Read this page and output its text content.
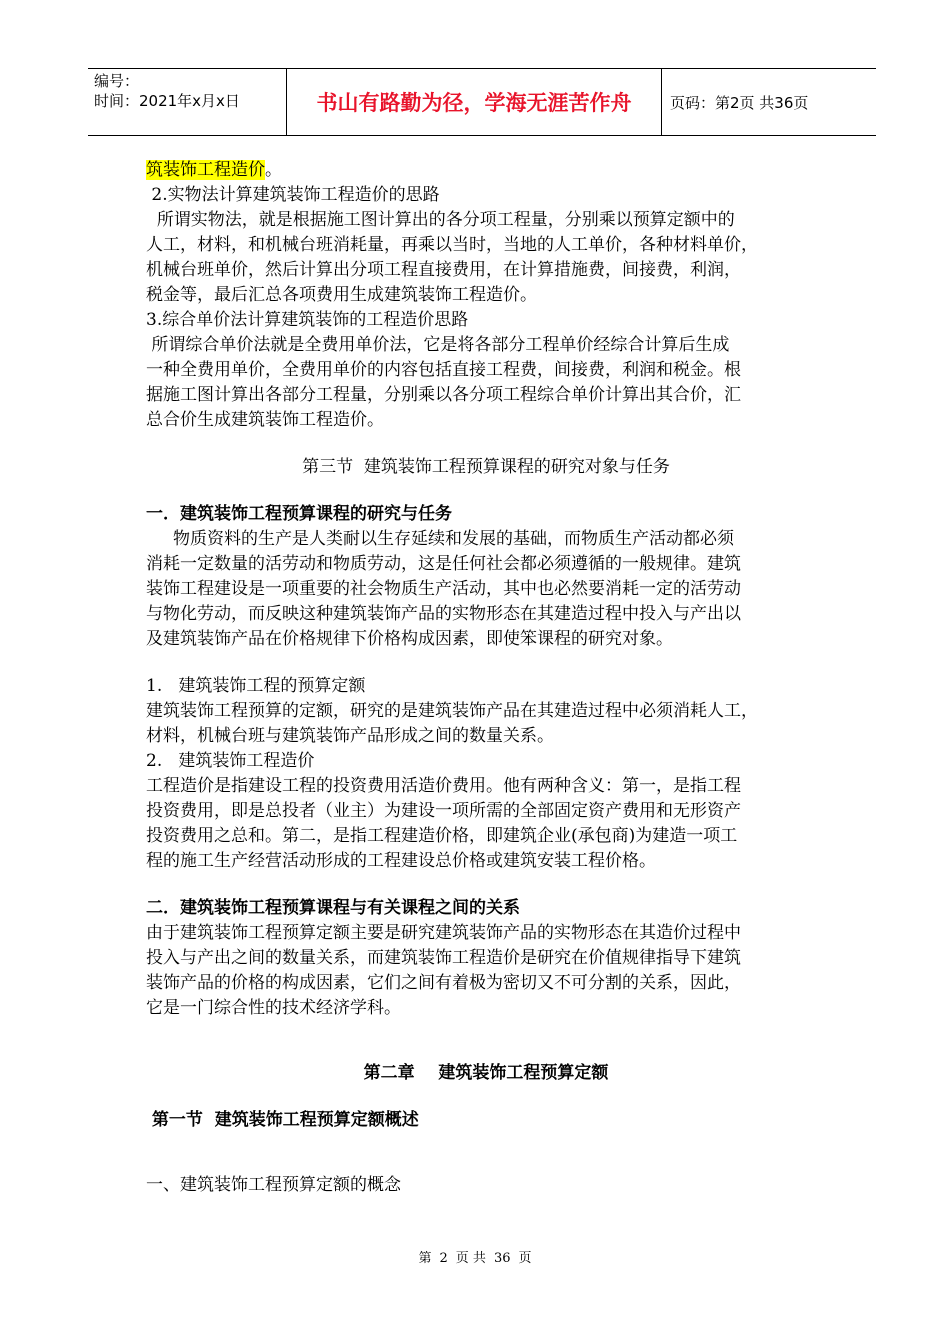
编号：
时间：2021年x月x日	书山有路勤为径，学海无涯苦作舟	页码：第2页 共36页

筑装饰工程造价。

2.实物法计算建筑装饰工程造价的思路

所谓实物法，就是根据施工图计算出的各分项工程量，分别乘以预算定额中的

人工，材料，和机械台班消耗量，再乘以当时，当地的人工单价，各种材料单价，

机械台班单价，然后计算出分项工程直接费用，在计算措施费，间接费，利润，

税金等，最后汇总各项费用生成建筑装饰工程造价。

3.综合单价法计算建筑装饰的工程造价思路

所谓综合单价法就是全费用单价法，它是将各部分工程单价经综合计算后生成

一种全费用单价，全费用单价的内容包括直接工程费，间接费，利润和税金。根

据施工图计算出各部分工程量，分别乘以各分项工程综合单价计算出其合价，汇

总合价生成建筑装饰工程造价。

第三节  建筑装饰工程预算课程的研究对象与任务

一．建筑装饰工程预算课程的研究与任务

物质资料的生产是人类耐以生存延续和发展的基础，而物质生产活动都必须

消耗一定数量的活劳动和物质劳动，这是任何社会都必须遵循的一般规律。建筑

装饰工程建设是一项重要的社会物质生产活动，其中也必然要消耗一定的活劳动

与物化劳动，而反映这种建筑装饰产品的实物形态在其建造过程中投入与产出以

及建筑装饰产品在价格规律下价格构成因素，即使笨课程的研究对象。

1.   建筑装饰工程的预算定额

建筑装饰工程预算的定额，研究的是建筑装饰产品在其建造过程中必须消耗人工，

材料，机械台班与建筑装饰产品形成之间的数量关系。

2.   建筑装饰工程造价

工程造价是指建设工程的投资费用活造价费用。他有两种含义：第一，是指工程

投资费用，即是总投者（业主）为建设一项所需的全部固定资产费用和无形资产

投资费用之总和。第二，是指工程建造价格，即建筑企业(承包商)为建造一项工

程的施工生产经营活动形成的工程建设总价格或建筑安装工程价格。

二．建筑装饰工程预算课程与有关课程之间的关系

由于建筑装饰工程预算定额主要是研究建筑装饰产品的实物形态在其造价过程中

投入与产出之间的数量关系，而建筑装饰工程造价是研究在价值规律指导下建筑

装饰产品的价格的构成因素，它们之间有着极为密切又不可分割的关系，因此，

它是一门综合性的技术经济学科。

第二章    建筑装饰工程预算定额

第一节  建筑装饰工程预算定额概述

一、建筑装饰工程预算定额的概念

第 2 页 共 36 页
